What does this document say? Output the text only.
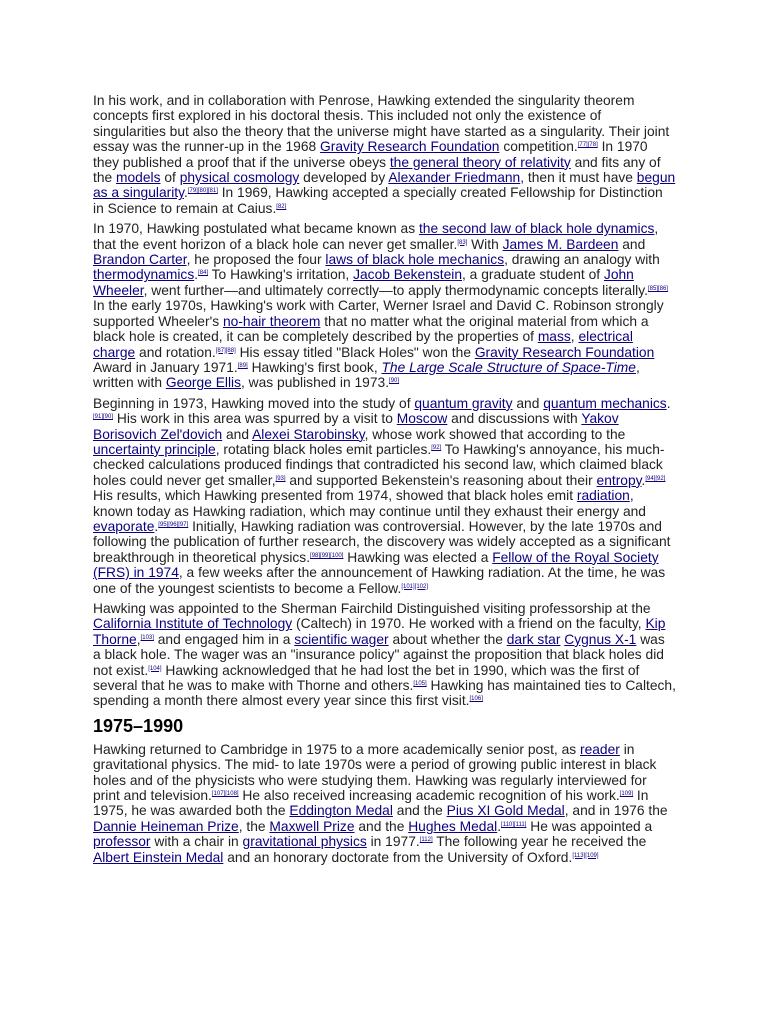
In his work, and in collaboration with Penrose, Hawking extended the singularity theorem concepts first explored in his doctoral thesis. This included not only the existence of singularities but also the theory that the universe might have started as a singularity. Their joint essay was the runner-up in the 1968 Gravity Research Foundation competition.[77][78] In 1970 they published a proof that if the universe obeys the general theory of relativity and fits any of the models of physical cosmology developed by Alexander Friedmann, then it must have begun as a singularity.[79][80][81] In 1969, Hawking accepted a specially created Fellowship for Distinction in Science to remain at Caius.[82]

In 1970, Hawking postulated what became known as the second law of black hole dynamics, that the event horizon of a black hole can never get smaller.[83] With James M. Bardeen and Brandon Carter, he proposed the four laws of black hole mechanics, drawing an analogy with thermodynamics.[84] To Hawking's irritation, Jacob Bekenstein, a graduate student of John Wheeler, went further—and ultimately correctly—to apply thermodynamic concepts literally.[85][86] In the early 1970s, Hawking's work with Carter, Werner Israel and David C. Robinson strongly supported Wheeler's no-hair theorem that no matter what the original material from which a black hole is created, it can be completely described by the properties of mass, electrical charge and rotation.[87][88] His essay titled "Black Holes" won the Gravity Research Foundation Award in January 1971.[89] Hawking's first book, The Large Scale Structure of Space-Time, written with George Ellis, was published in 1973.[90]

Beginning in 1973, Hawking moved into the study of quantum gravity and quantum mechanics.[91][90] His work in this area was spurred by a visit to Moscow and discussions with Yakov Borisovich Zel'dovich and Alexei Starobinsky, whose work showed that according to the uncertainty principle, rotating black holes emit particles.[92] To Hawking's annoyance, his much-checked calculations produced findings that contradicted his second law, which claimed black holes could never get smaller,[93] and supported Bekenstein's reasoning about their entropy.[94][92] His results, which Hawking presented from 1974, showed that black holes emit radiation, known today as Hawking radiation, which may continue until they exhaust their energy and evaporate.[95][96][97] Initially, Hawking radiation was controversial. However, by the late 1970s and following the publication of further research, the discovery was widely accepted as a significant breakthrough in theoretical physics.[98][99][100] Hawking was elected a Fellow of the Royal Society (FRS) in 1974, a few weeks after the announcement of Hawking radiation. At the time, he was one of the youngest scientists to become a Fellow.[101][102]

Hawking was appointed to the Sherman Fairchild Distinguished visiting professorship at the California Institute of Technology (Caltech) in 1970. He worked with a friend on the faculty, Kip Thorne,[103] and engaged him in a scientific wager about whether the dark star Cygnus X-1 was a black hole. The wager was an "insurance policy" against the proposition that black holes did not exist.[104] Hawking acknowledged that he had lost the bet in 1990, which was the first of several that he was to make with Thorne and others.[105] Hawking has maintained ties to Caltech, spending a month there almost every year since this first visit.[106]

1975–1990

Hawking returned to Cambridge in 1975 to a more academically senior post, as reader in gravitational physics. The mid- to late 1970s were a period of growing public interest in black holes and of the physicists who were studying them. Hawking was regularly interviewed for print and television.[107][108] He also received increasing academic recognition of his work.[109] In 1975, he was awarded both the Eddington Medal and the Pius XI Gold Medal, and in 1976 the Dannie Heineman Prize, the Maxwell Prize and the Hughes Medal.[110][111] He was appointed a professor with a chair in gravitational physics in 1977.[112] The following year he received the Albert Einstein Medal and an honorary doctorate from the University of Oxford.[113][109]
